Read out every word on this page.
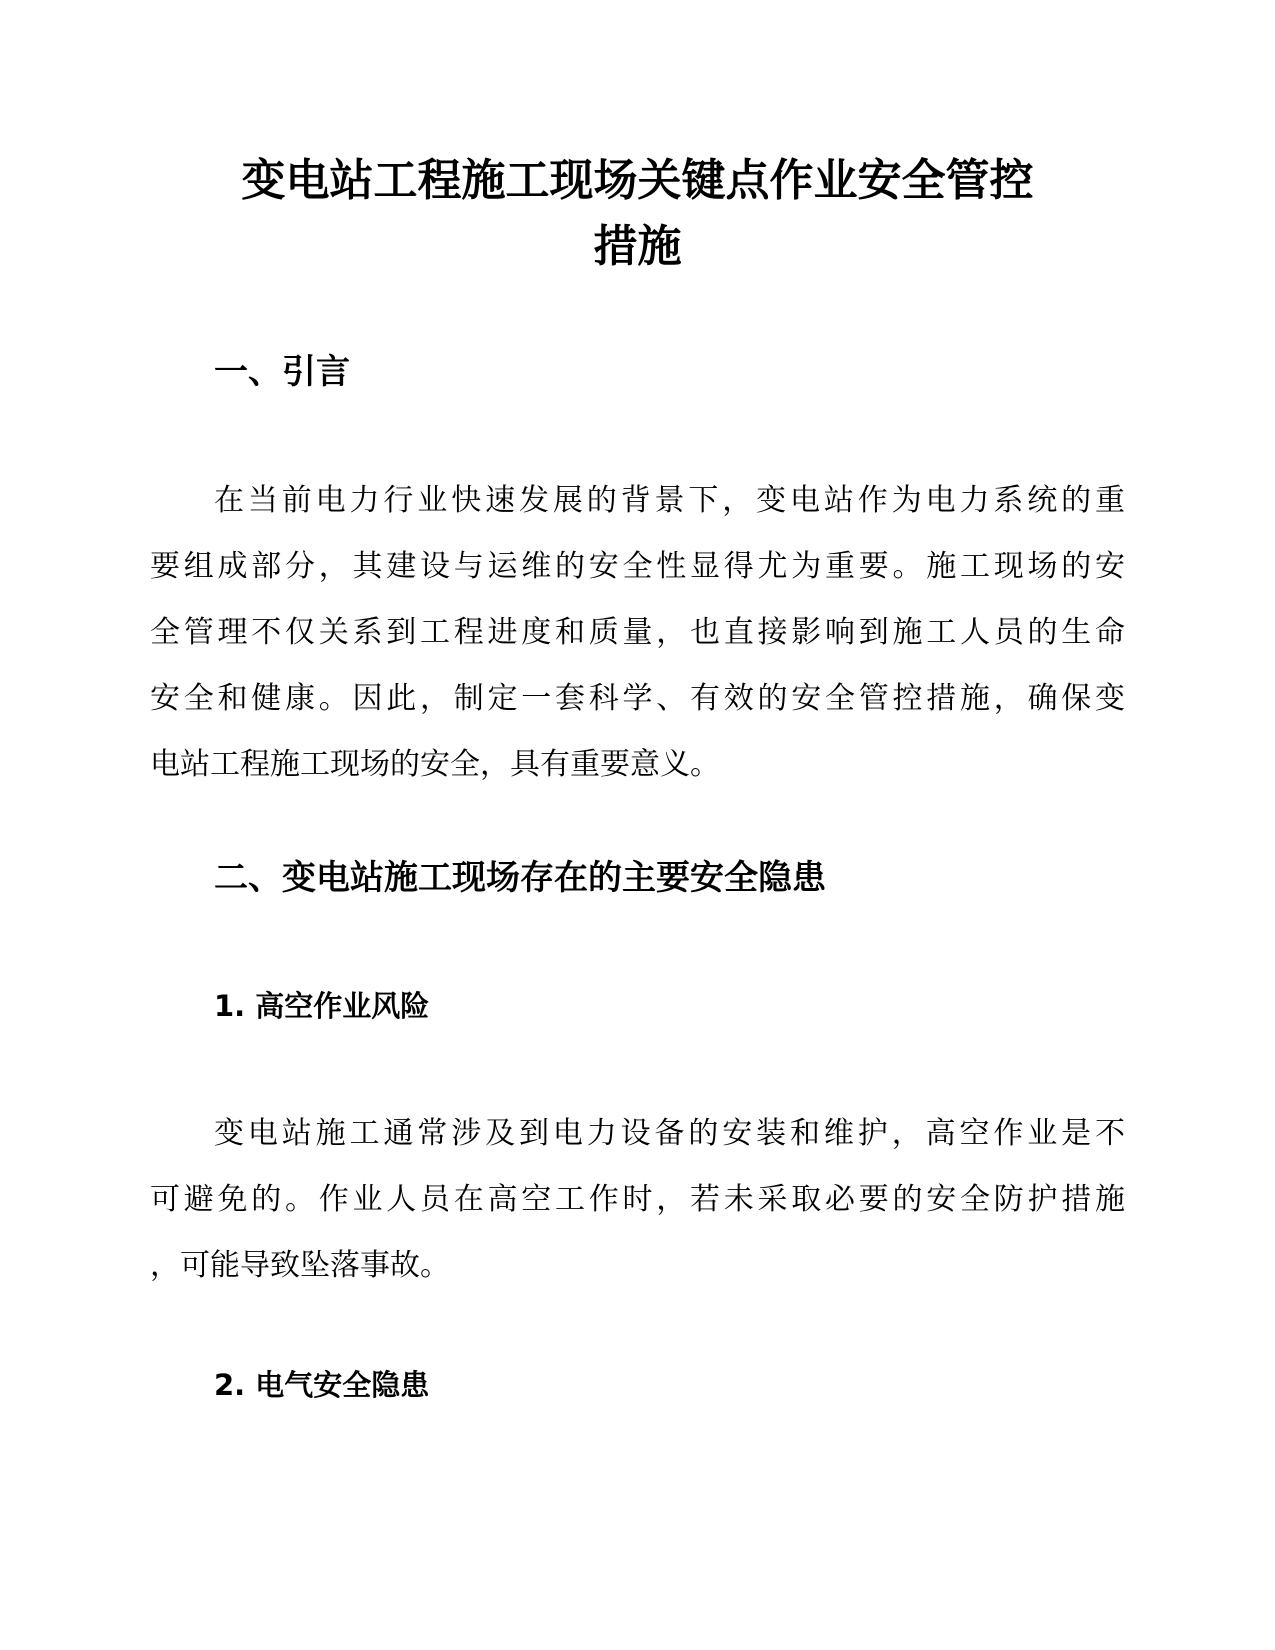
变电站工程施工现场关键点作业安全管控
措施
一、引言

在当前电力行业快速发展的背景下，变电站作为电力系统的重
要组成部分，其建设与运维的安全性显得尤为重要。施工现场的安
全管理不仅关系到工程进度和质量，也直接影响到施工人员的生命
安全和健康。因此，制定一套科学、有效的安全管控措施，确保变
电站工程施工现场的安全，具有重要意义。

二、变电站施工现场存在的主要安全隐患
1. 高空作业风险

变电站施工通常涉及到电力设备的安装和维护，高空作业是不
可避免的。作业人员在高空工作时，若未采取必要的安全防护措施
，可能导致坠落事故。

2. 电气安全隐患
